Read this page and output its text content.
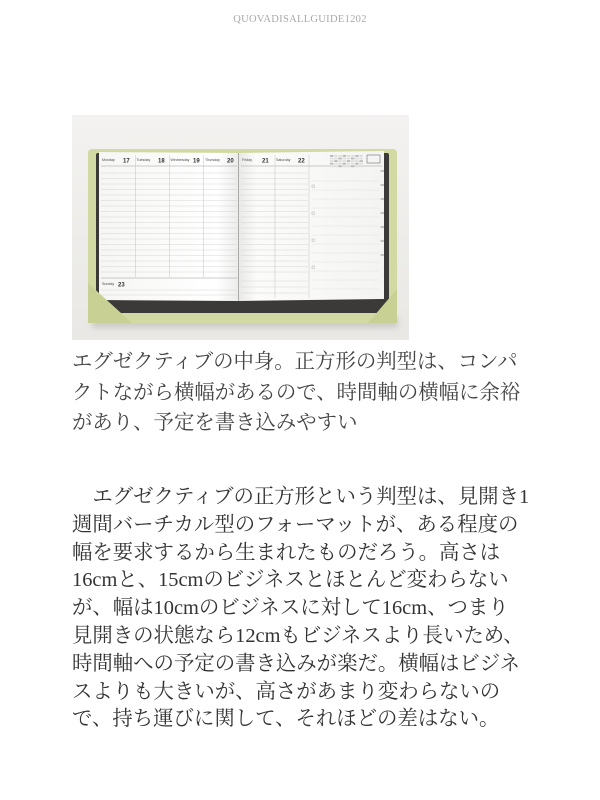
QUOVADISALLGUIDE1202
Monday 17 Tuesday 18 Wednesday 19 Thursday 20 Friday 21 Saturday 22
Sunday 23
エグゼクティブの中身。正方形の判型は、コンパ
クトながら横幅があるので、時間軸の横幅に余裕
があり、予定を書き込みやすい
　エグゼクティブの正方形という判型は、見開き1
週間バーチカル型のフォーマットが、ある程度の
幅を要求するから生まれたものだろう。高さは
16cmと、15cmのビジネスとほとんど変わらない
が、幅は10cmのビジネスに対して16cm、つまり
見開きの状態なら12cmもビジネスより長いため、
時間軸への予定の書き込みが楽だ。横幅はビジネ
スよりも大きいが、高さがあまり変わらないの
で、持ち運びに関して、それほどの差はない。
